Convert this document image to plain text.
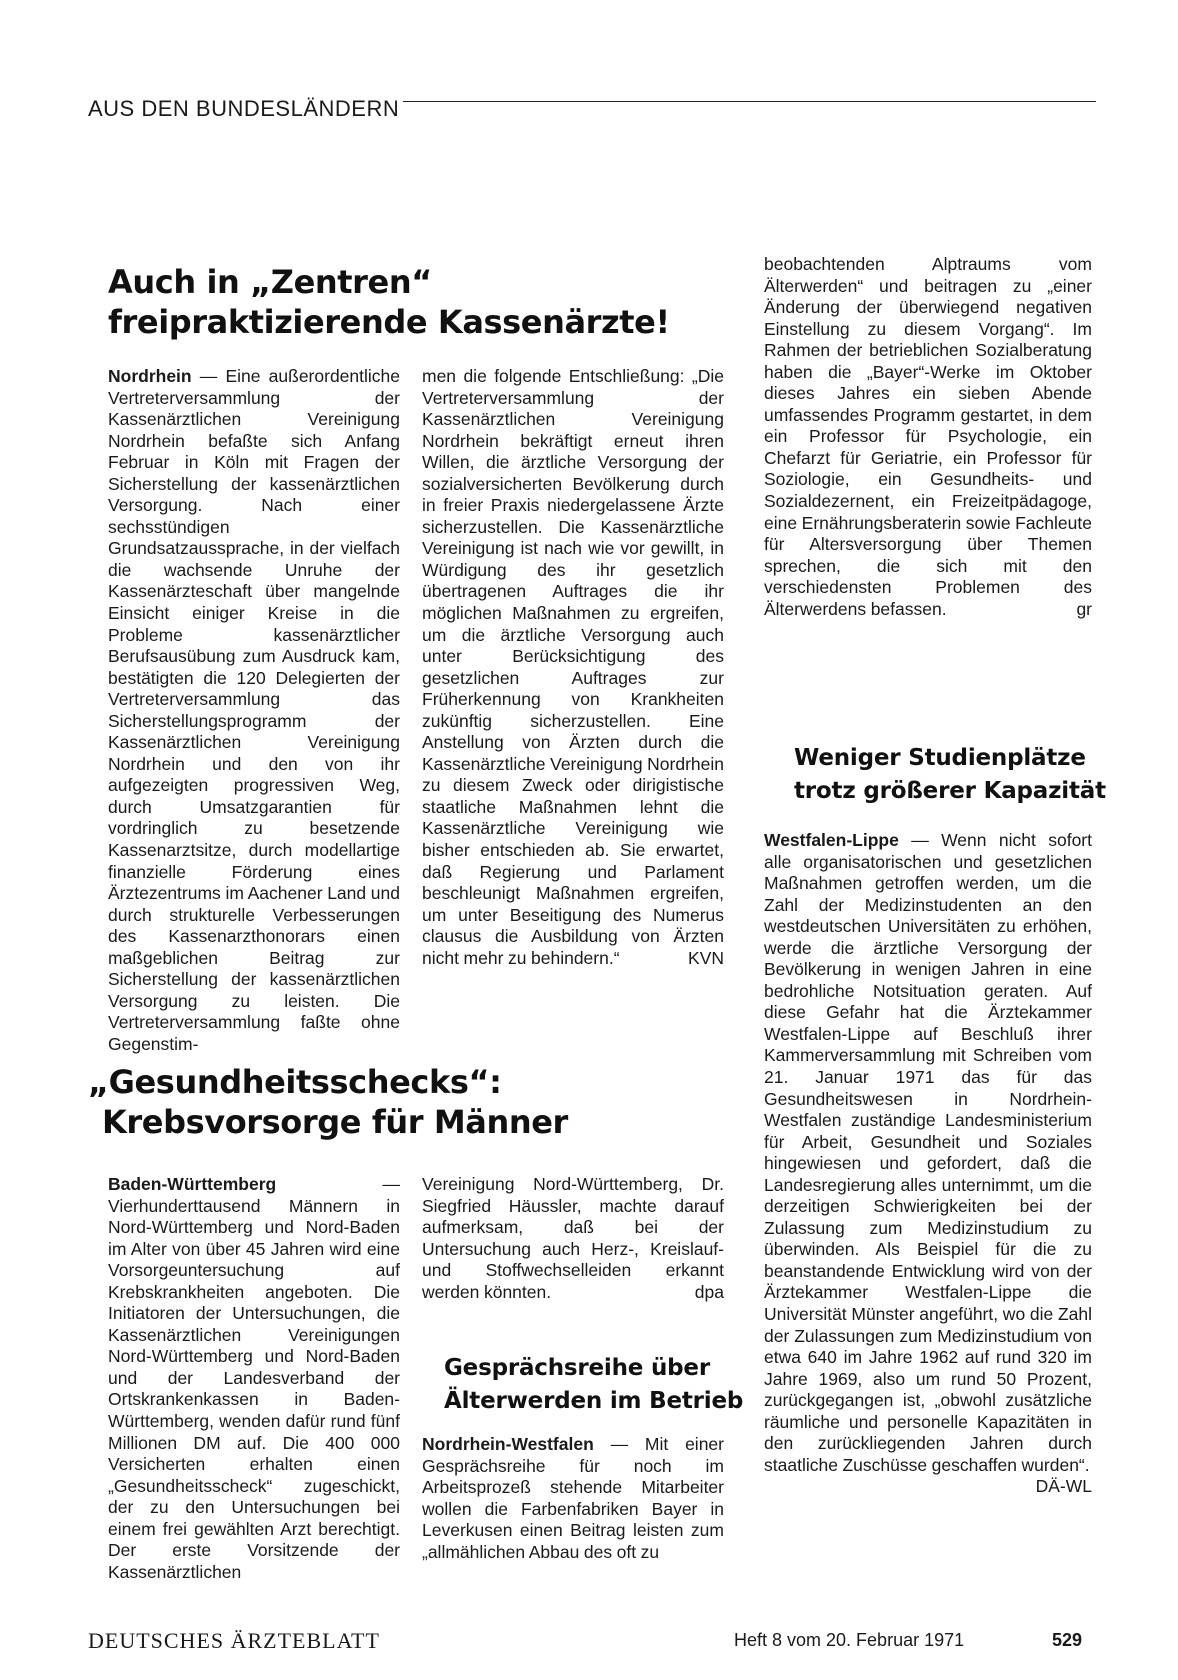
AUS DEN BUNDESLÄNDERN
Auch in „Zentren“
freipraktizierende Kassenärzte!

Nordrhein — Eine außerordentliche Vertreterversammlung der Kassenärztlichen Vereinigung Nordrhein befaßte sich Anfang Februar in Köln mit Fragen der Sicherstellung der kassenärztlichen Versorgung. Nach einer sechsstündigen Grundsatzaussprache, in der vielfach die wachsende Unruhe der Kassenärzteschaft über mangelnde Einsicht einiger Kreise in die Probleme kassenärztlicher Berufsausübung zum Ausdruck kam, bestätigten die 120 Delegierten der Vertreterversammlung das Sicherstellungsprogramm der Kassenärztlichen Vereinigung Nordrhein und den von ihr aufgezeigten progressiven Weg, durch Umsatzgarantien für vordringlich zu besetzende Kassenarztsitze, durch modellartige finanzielle Förderung eines Ärztezentrums im Aachener Land und durch strukturelle Verbesserungen des Kassenarzthonorars einen maßgeblichen Beitrag zur Sicherstellung der kassenärztlichen Versorgung zu leisten. Die Vertreterversammlung faßte ohne Gegenstim-

men die folgende Entschließung: „Die Vertreterversammlung der Kassenärztlichen Vereinigung Nordrhein bekräftigt erneut ihren Willen, die ärztliche Versorgung der sozialversicherten Bevölkerung durch in freier Praxis niedergelassene Ärzte sicherzustellen. Die Kassenärztliche Vereinigung ist nach wie vor gewillt, in Würdigung des ihr gesetzlich übertragenen Auftrages die ihr möglichen Maßnahmen zu ergreifen, um die ärztliche Versorgung auch unter Berücksichtigung des gesetzlichen Auftrages zur Früherkennung von Krankheiten zukünftig sicherzustellen. Eine Anstellung von Ärzten durch die Kassenärztliche Vereinigung Nordrhein zu diesem Zweck oder dirigistische staatliche Maßnahmen lehnt die Kassenärztliche Vereinigung wie bisher entschieden ab. Sie erwartet, daß Regierung und Parlament beschleunigt Maßnahmen ergreifen, um unter Beseitigung des Numerus clausus die Ausbildung von Ärzten nicht mehr zu behindern.“	KVN

„Gesundheitsschecks“:
Krebsvorsorge für Männer

Baden-Württemberg — Vierhunderttausend Männern in Nord-Württemberg und Nord-Baden im Alter von über 45 Jahren wird eine Vorsorgeuntersuchung auf Krebskrankheiten angeboten. Die Initiatoren der Untersuchungen, die Kassenärztlichen Vereinigungen Nord-Württemberg und Nord-Baden und der Landesverband der Ortskrankenkassen in Baden-Württemberg, wenden dafür rund fünf Millionen DM auf. Die 400 000 Versicherten erhalten einen „Gesundheitsscheck“ zugeschickt, der zu den Untersuchungen bei einem frei gewählten Arzt berechtigt. Der erste Vorsitzende der Kassenärztlichen

Vereinigung Nord-Württemberg, Dr. Siegfried Häussler, machte darauf aufmerksam, daß bei der Untersuchung auch Herz-, Kreislauf- und Stoffwechselleiden erkannt werden könnten.	dpa

Gesprächsreihe über
Älterwerden im Betrieb

Nordrhein-Westfalen — Mit einer Gesprächsreihe für noch im Arbeitsprozeß stehende Mitarbeiter wollen die Farbenfabriken Bayer in Leverkusen einen Beitrag leisten zum „allmählichen Abbau des oft zu

beobachtenden Alptraums vom Älterwerden“ und beitragen zu „einer Änderung der überwiegend negativen Einstellung zu diesem Vorgang“. Im Rahmen der betrieblichen Sozialberatung haben die „Bayer“-Werke im Oktober dieses Jahres ein sieben Abende umfassendes Programm gestartet, in dem ein Professor für Psychologie, ein Chefarzt für Geriatrie, ein Professor für Soziologie, ein Gesundheits- und Sozialdezernent, ein Freizeitpädagoge, eine Ernährungsberaterin sowie Fachleute für Altersversorgung über Themen sprechen, die sich mit den verschiedensten Problemen des Älterwerdens befassen.	gr

Weniger Studienplätze
trotz größerer Kapazität

Westfalen-Lippe — Wenn nicht sofort alle organisatorischen und gesetzlichen Maßnahmen getroffen werden, um die Zahl der Medizinstudenten an den westdeutschen Universitäten zu erhöhen, werde die ärztliche Versorgung der Bevölkerung in wenigen Jahren in eine bedrohliche Notsituation geraten. Auf diese Gefahr hat die Ärztekammer Westfalen-Lippe auf Beschluß ihrer Kammerversammlung mit Schreiben vom 21. Januar 1971 das für das Gesundheitswesen in Nordrhein-Westfalen zuständige Landesministerium für Arbeit, Gesundheit und Soziales hingewiesen und gefordert, daß die Landesregierung alles unternimmt, um die derzeitigen Schwierigkeiten bei der Zulassung zum Medizinstudium zu überwinden. Als Beispiel für die zu beanstandende Entwicklung wird von der Ärztekammer Westfalen-Lippe die Universität Münster angeführt, wo die Zahl der Zulassungen zum Medizinstudium von etwa 640 im Jahre 1962 auf rund 320 im Jahre 1969, also um rund 50 Prozent, zurückgegangen ist, „obwohl zusätzliche räumliche und personelle Kapazitäten in den zurückliegenden Jahren durch staatliche Zuschüsse geschaffen wurden“.
DÄ-WL

DEUTSCHES ÄRZTEBLATT	Heft 8 vom 20. Februar 1971	529
